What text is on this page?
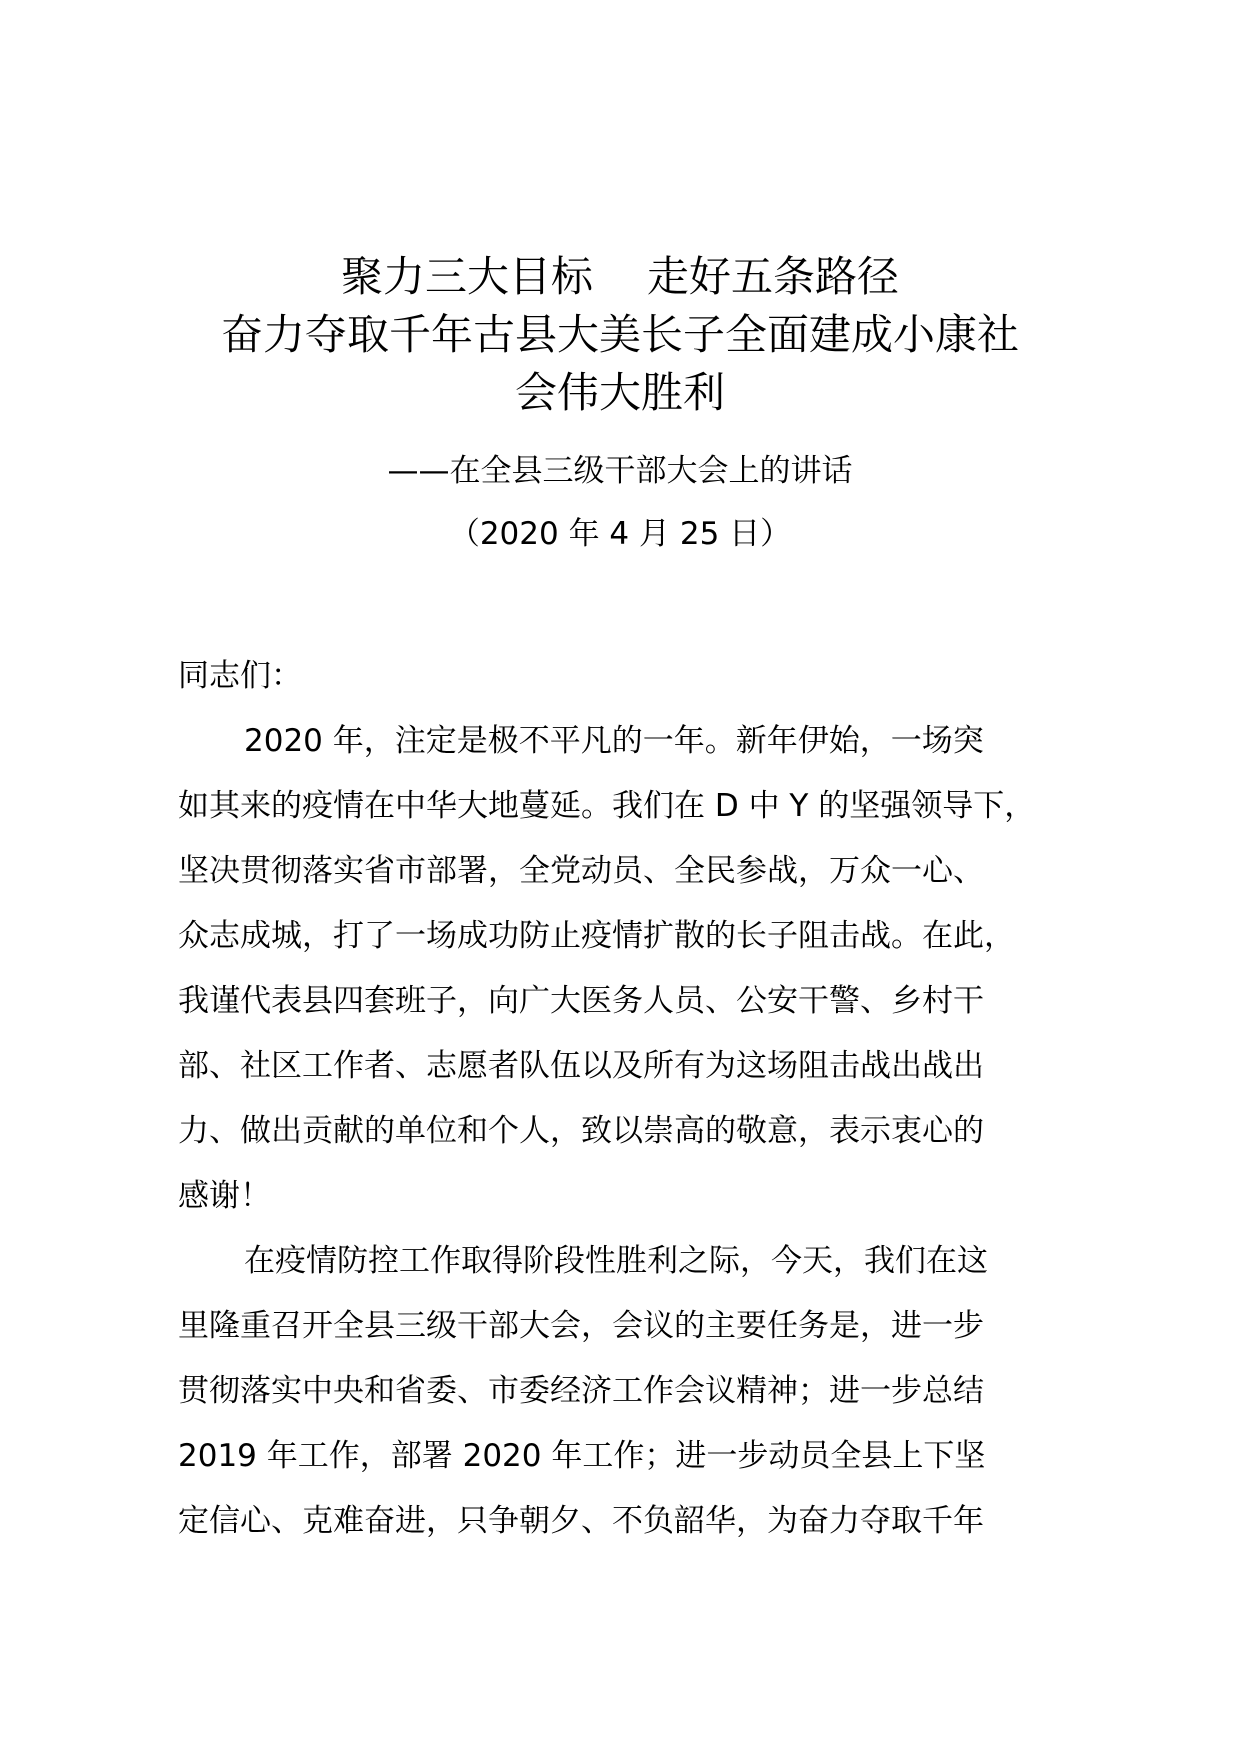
聚力三大目标 走好五条路径
奋力夺取千年古县大美长子全面建成小康社
会伟大胜利
——在全县三级干部大会上的讲话
（2020 年 4 月 25 日）
同志们：
2020 年，注定是极不平凡的一年。新年伊始，一场突
如其来的疫情在中华大地蔓延。我们在 D 中 Y 的坚强领导下，
坚决贯彻落实省市部署，全党动员、全民参战，万众一心、
众志成城，打了一场成功防止疫情扩散的长子阻击战。在此，
我谨代表县四套班子，向广大医务人员、公安干警、乡村干
部、社区工作者、志愿者队伍以及所有为这场阻击战出战出
力、做出贡献的单位和个人，致以崇高的敬意，表示衷心的
感谢！
在疫情防控工作取得阶段性胜利之际，今天，我们在这
里隆重召开全县三级干部大会，会议的主要任务是，进一步
贯彻落实中央和省委、市委经济工作会议精神；进一步总结
2019 年工作，部署 2020 年工作；进一步动员全县上下坚
定信心、克难奋进，只争朝夕、不负韶华，为奋力夺取千年
